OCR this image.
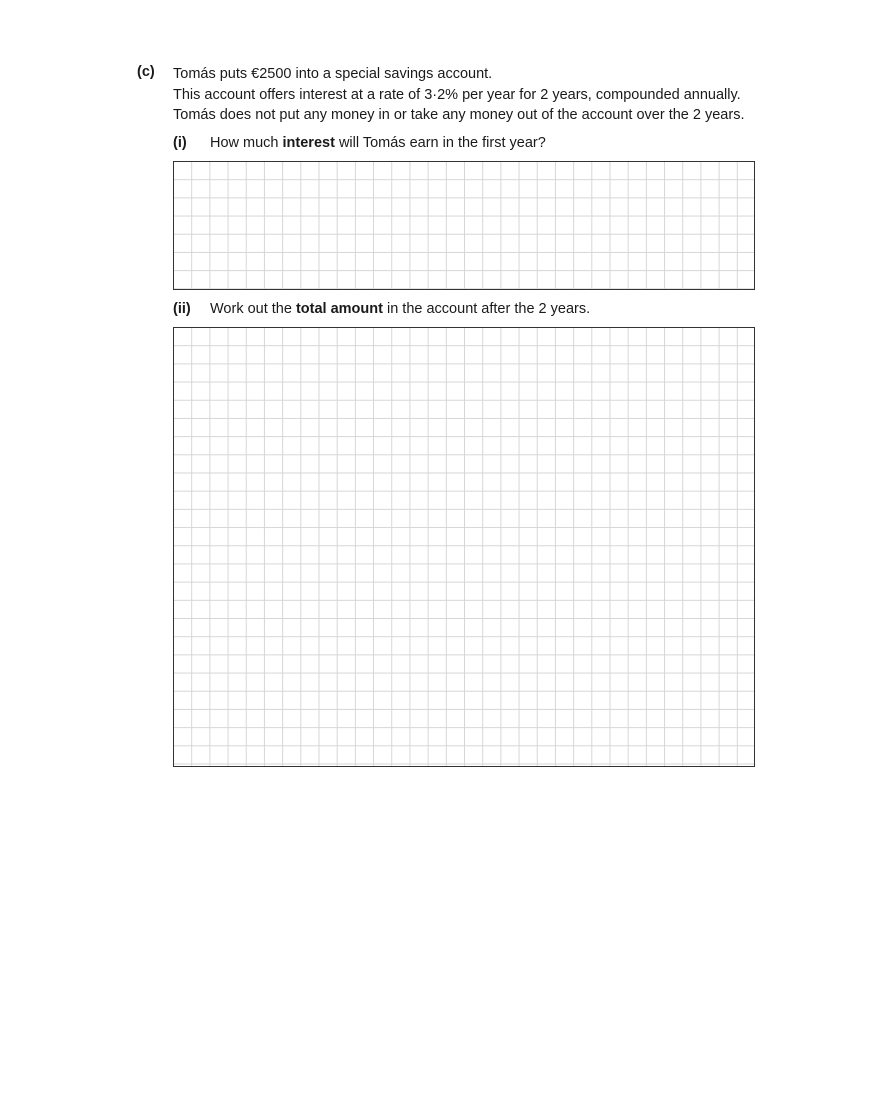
(c) Tomás puts €2500 into a special savings account.

This account offers interest at a rate of 3·2% per year for 2 years, compounded annually.

Tomás does not put any money in or take any money out of the account over the 2 years.

(i) How much interest will Tomás earn in the first year?
(ii) Work out the total amount in the account after the 2 years.
